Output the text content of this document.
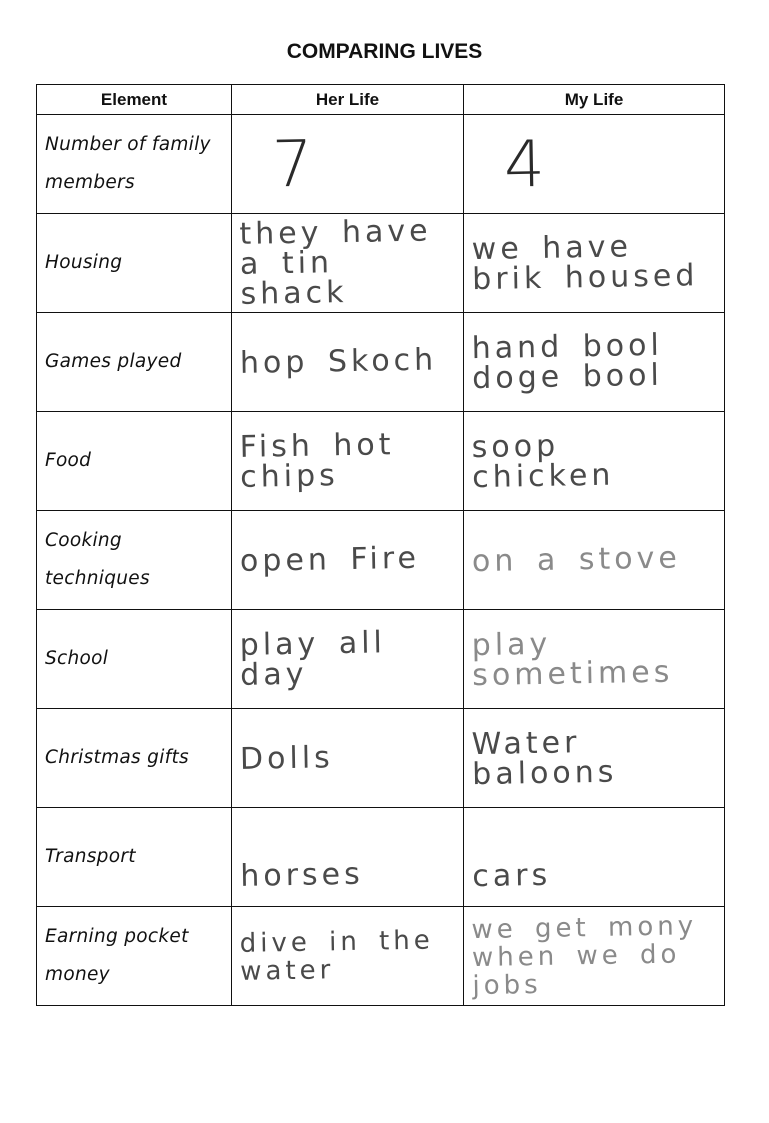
COMPARING LIVES
Element	Her Life	My Life

Number of family members	7	4

Housing	they have a tin shack	we have brik housed

Games played	hop Skoch	hand bool doge bool

Food	Fish hot chips	soop chicken

Cooking techniques	open Fire	on a stove

School	play all day	play sometimes

Christmas gifts	Dolls	Water baloons

Transport	horses	cars

Earning pocket money	dive in the water	we get mony when we do jobs
